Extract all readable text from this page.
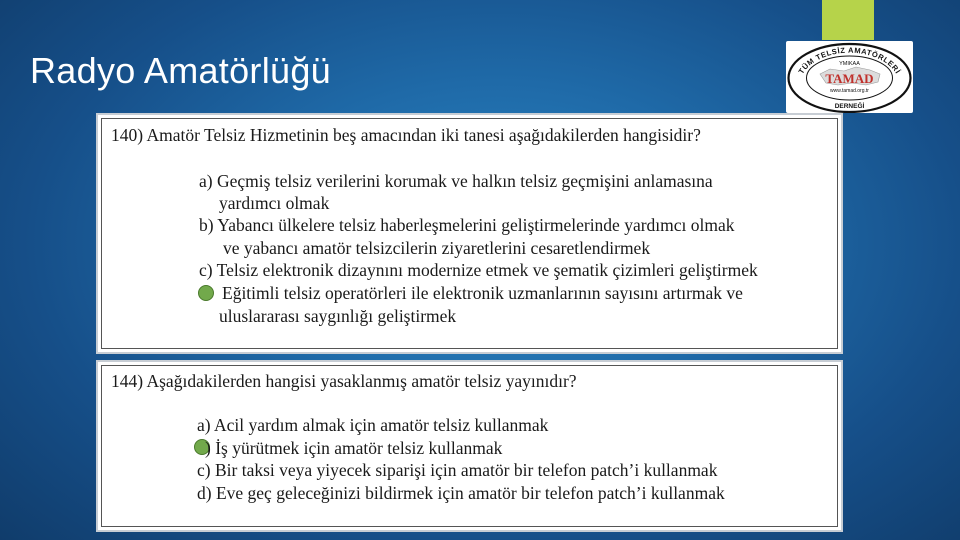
Radyo Amatörlüğü	TÜM TELSİZ AMATÖRLERİ
YMIKAA
TAMAD
www.tamad.org.tr
DERNEĞİ
140) Amatör Telsiz Hizmetinin beş amacından iki tanesi aşağıdakilerden hangisidir?
a) Geçmiş telsiz verilerini korumak ve halkın telsiz geçmişini anlamasına
yardımcı olmak
b) Yabancı ülkelere telsiz haberleşmelerini geliştirmelerinde yardımcı olmak
ve yabancı amatör telsizcilerin ziyaretlerini cesaretlendirmek
c) Telsiz elektronik dizaynını modernize etmek ve şematik çizimleri geliştirmek
Eğitimli telsiz operatörleri ile elektronik uzmanlarının sayısını artırmak ve
uluslararası saygınlığı geliştirmek
144) Aşağıdakilerden hangisi yasaklanmış amatör telsiz yayınıdır?
a) Acil yardım almak için amatör telsiz kullanmak
) İş yürütmek için amatör telsiz kullanmak
c) Bir taksi veya yiyecek siparişi için amatör bir telefon patch’i kullanmak
d) Eve geç geleceğinizi bildirmek için amatör bir telefon patch’i kullanmak
